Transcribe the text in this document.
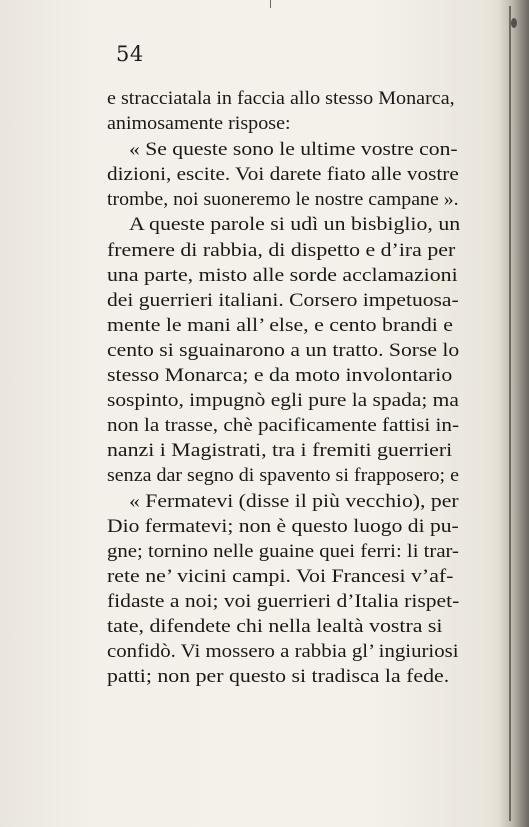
54
e stracciatala in faccia allo stesso Monarca,
animosamente rispose:
« Se queste sono le ultime vostre con-
dizioni, escite. Voi darete fiato alle vostre
trombe, noi suoneremo le nostre campane ».
A queste parole si udì un bisbiglio, un
fremere di rabbia, di dispetto e d’ira per
una parte, misto alle sorde acclamazioni
dei guerrieri italiani. Corsero impetuosa-
mente le mani all’ else, e cento brandi e
cento si sguainarono a un tratto. Sorse lo
stesso Monarca; e da moto involontario
sospinto, impugnò egli pure la spada; ma
non la trasse, chè pacificamente fattisi in-
nanzi i Magistrati, tra i fremiti guerrieri
senza dar segno di spavento si frapposero; e
« Fermatevi (disse il più vecchio), per
Dio fermatevi; non è questo luogo di pu-
gne; tornino nelle guaine quei ferri: li trar-
rete ne’ vicini campi. Voi Francesi v’af-
fidaste a noi; voi guerrieri d’Italia rispet-
tate, difendete chi nella lealtà vostra si
confidò. Vi mossero a rabbia gl’ ingiuriosi
patti; non per questo si tradisca la fede.
